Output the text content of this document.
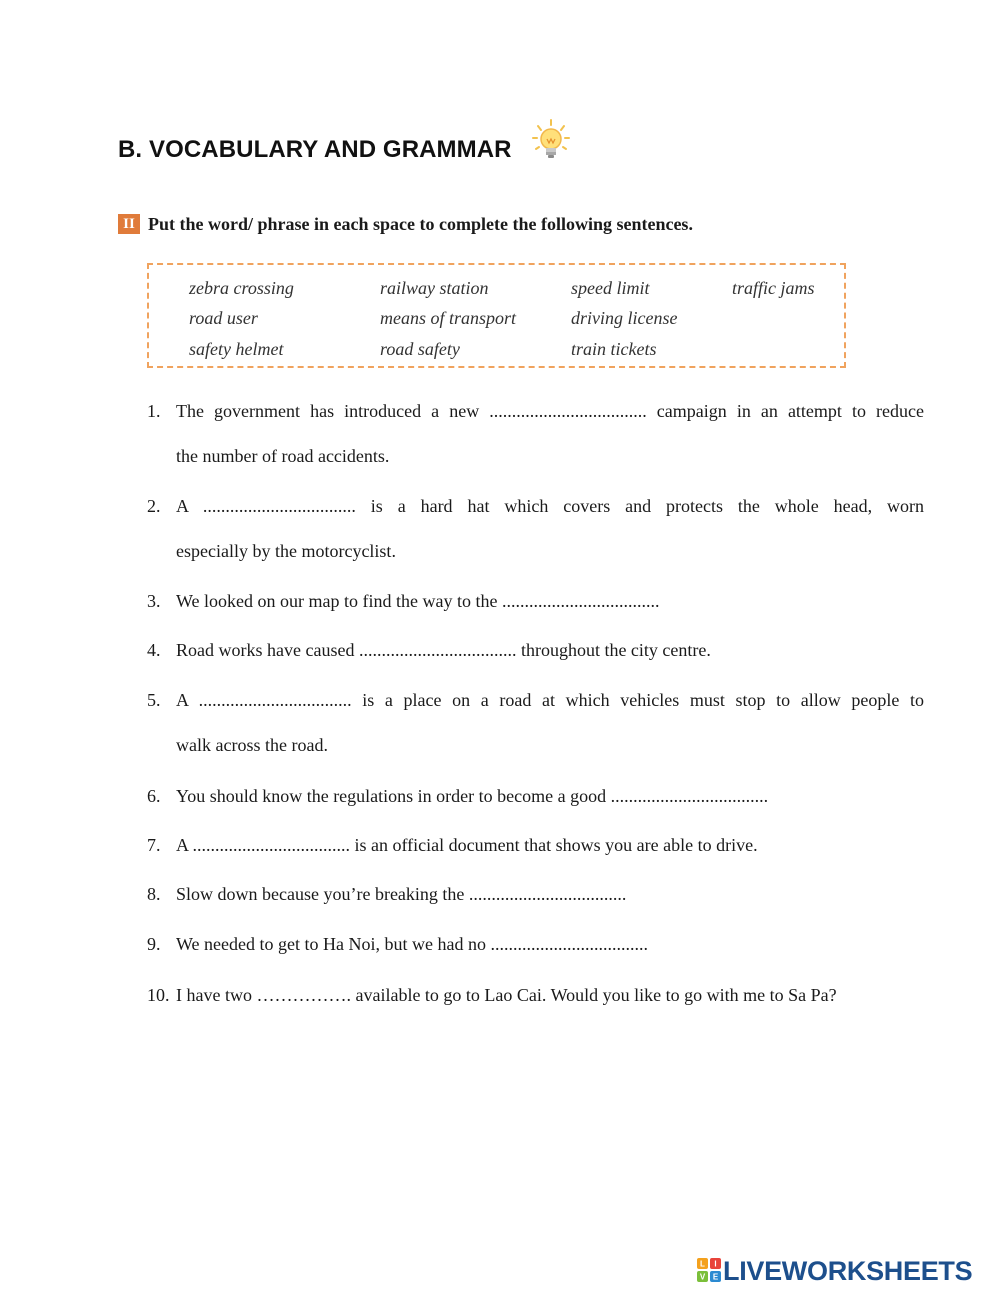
B. VOCABULARY AND GRAMMAR
II Put the word/ phrase in each space to complete the following sentences.
zebra crossing	railway station	speed limit	traffic jams
road user	means of transport	driving license
safety helmet	road safety	train tickets
1. The government has introduced a new ................................... campaign in an attempt to reduce
the number of road accidents.
2. A .................................. is a hard hat which covers and protects the whole head, worn
especially by the motorcyclist.
3. We looked on our map to find the way to the ...................................
4. Road works have caused ................................... throughout the city centre.
5. A .................................. is a place on a road at which vehicles must stop to allow people to
walk across the road.
6. You should know the regulations in order to become a good ...................................
7. A ................................... is an official document that shows you are able to drive.
8. Slow down because you’re breaking the ...................................
9. We needed to get to Ha Noi, but we had no ...................................
10. I have two ……………. available to go to Lao Cai. Would you like to go with me to Sa Pa?
L I
V E LIVEWORKSHEETS
